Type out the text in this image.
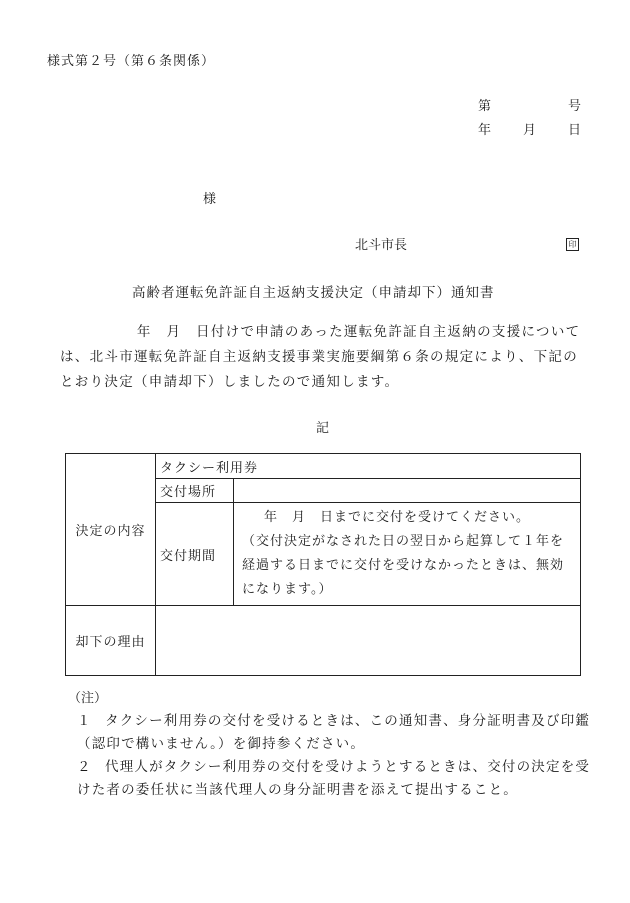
様式第２号（第６条関係）
第	号
年 月 日
様
北斗市長	印
高齢者運転免許証自主返納支援決定（申請却下）通知書
　　年　月　日付けで申請のあった運転免許証自主返納の支援については、北斗市運転免許証自主返納支援事業実施要綱第６条の規定により、下記のとおり決定（申請却下）しましたので通知します。
記
決定の内容	タクシー利用券	
	交付場所	
	交付期間	年　月　日までに交付を受けてください。
（交付決定がなされた日の翌日から起算して１年を経過する日までに交付を受けなかったときは、無効になります。）

却下の理由		
（注）
１ タクシー利用券の交付を受けるときは、この通知書、身分証明書及び印鑑（認印で構いません。）を御持参ください。
２ 代理人がタクシー利用券の交付を受けようとするときは、交付の決定を受けた者の委任状に当該代理人の身分証明書を添えて提出すること。
